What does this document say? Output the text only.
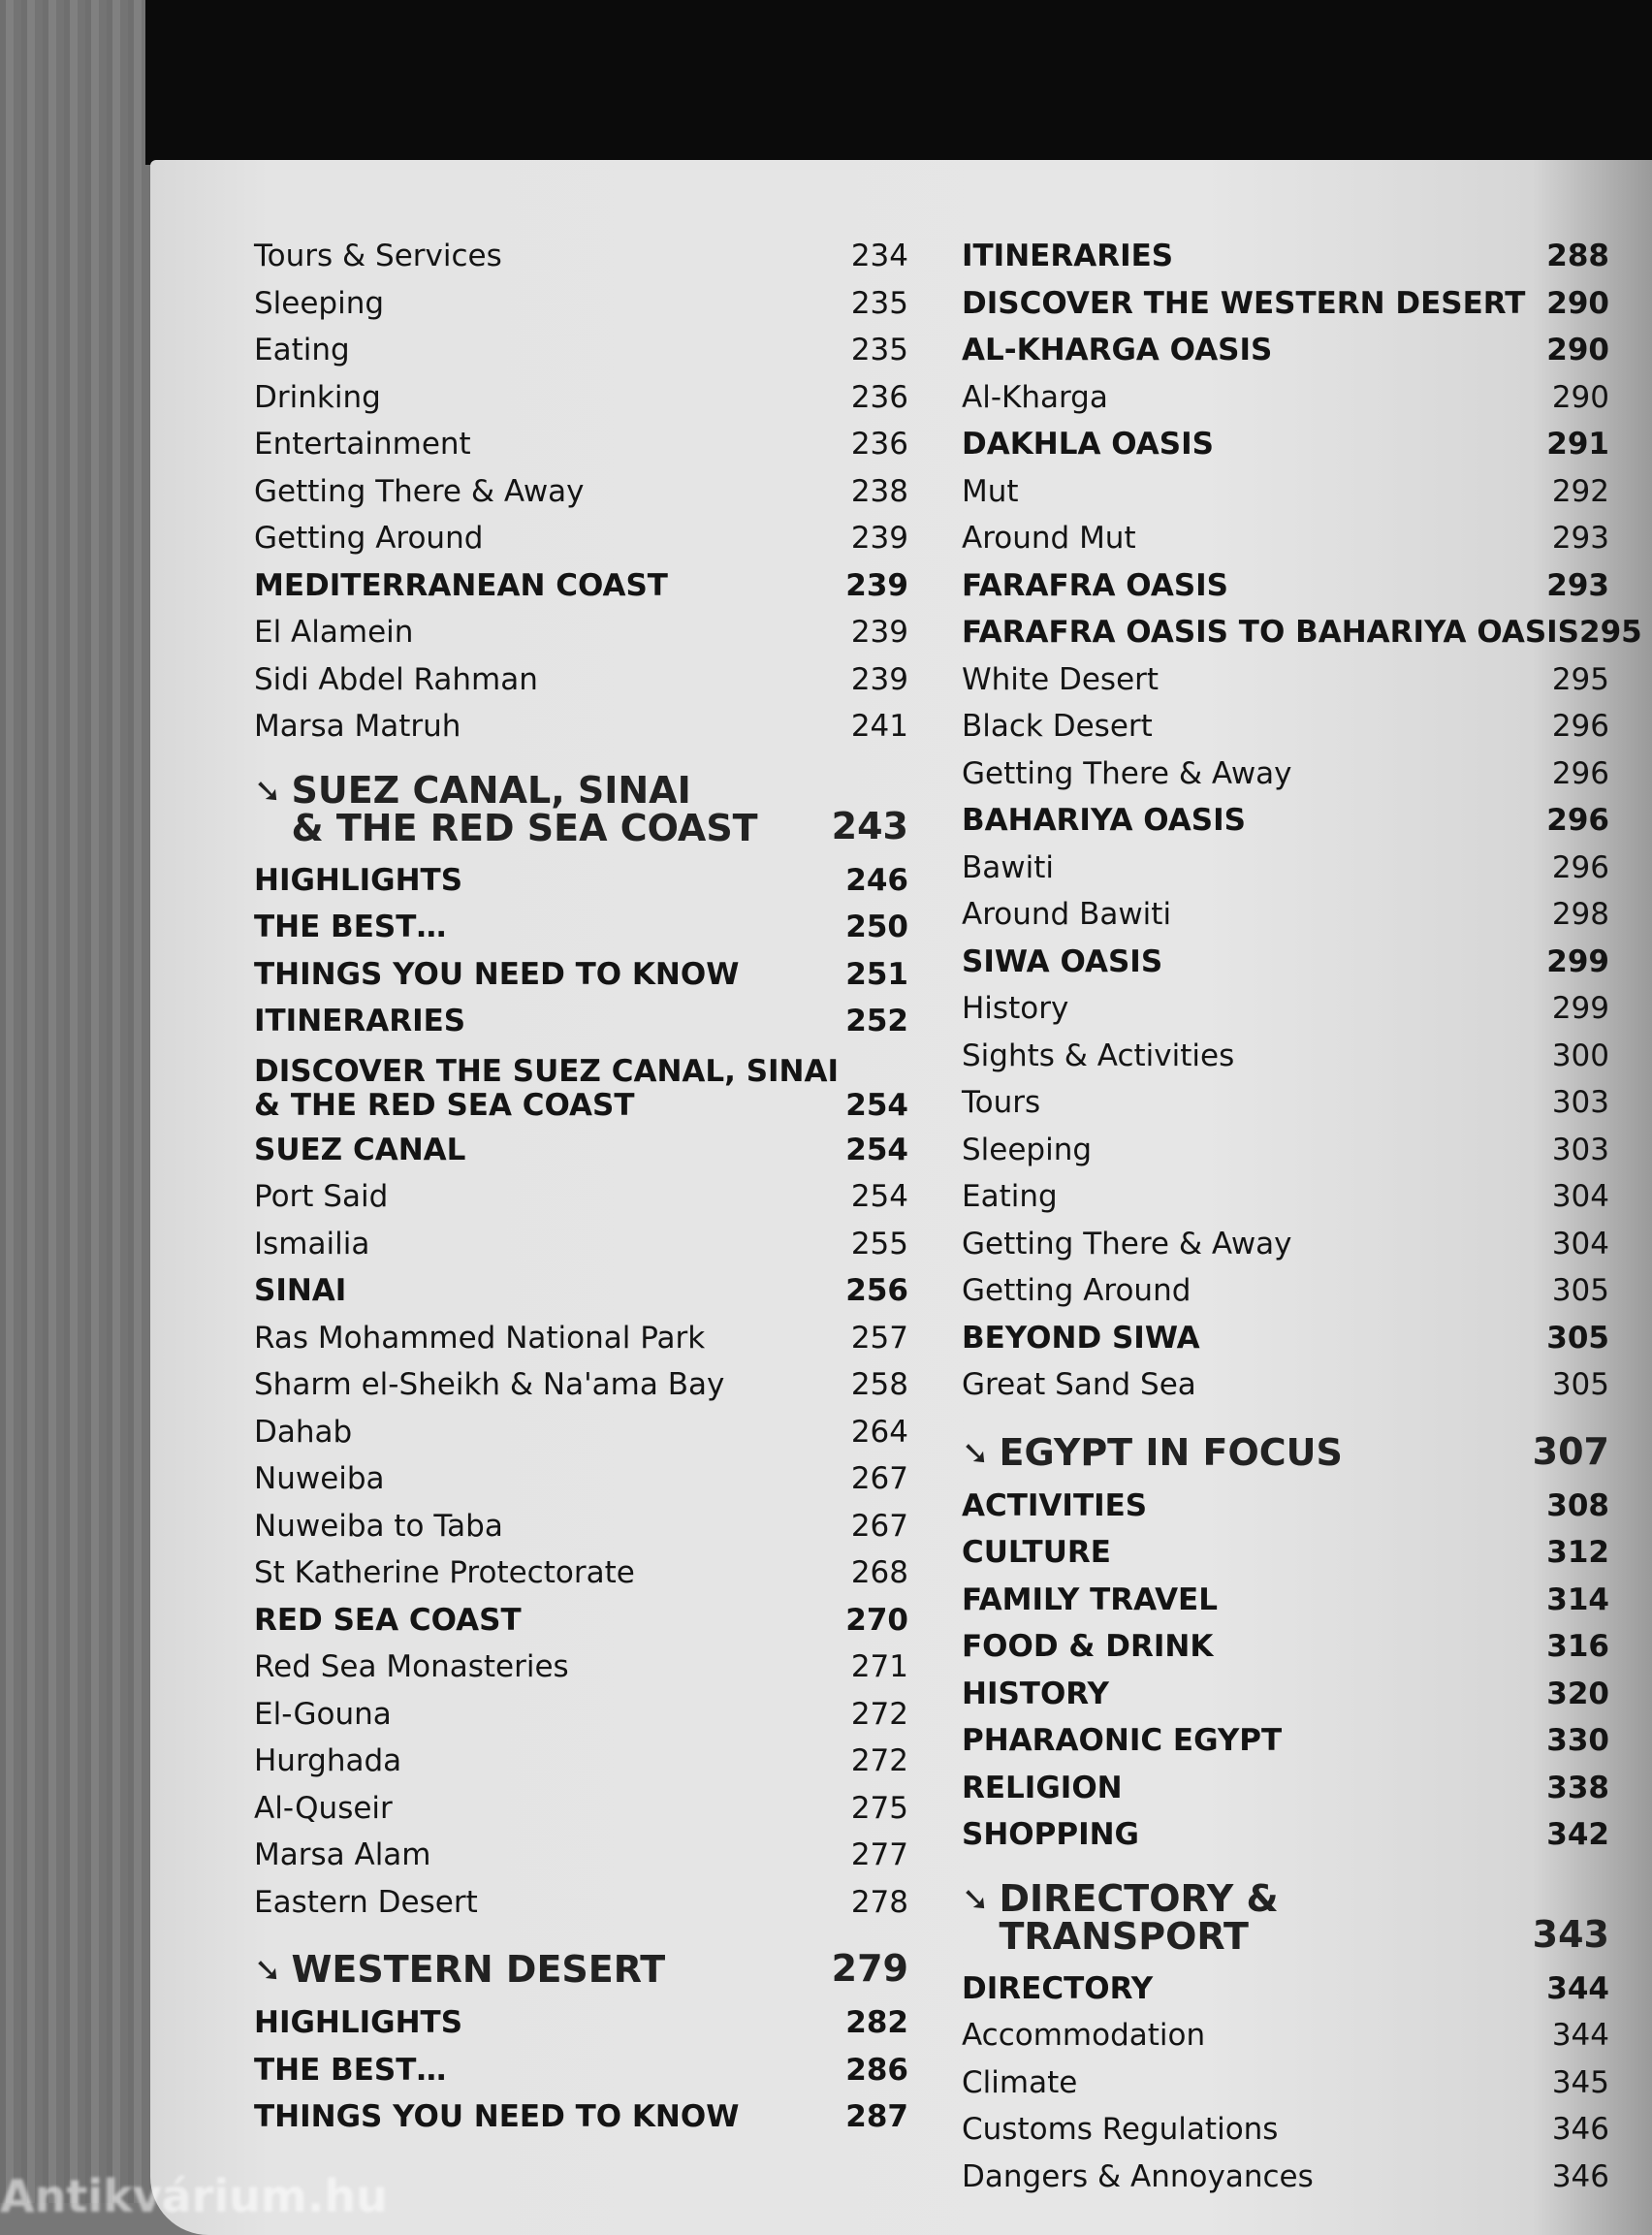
Tours & Services	234
Sleeping	235
Eating	235
Drinking	236
Entertainment	236
Getting There & Away	238
Getting Around	239
MEDITERRANEAN COAST	239
El Alamein	239
Sidi Abdel Rahman	239
Marsa Matruh	241
➘ SUEZ CANAL, SINAI
& THE RED SEA COAST 243
HIGHLIGHTS	246
THE BEST…	250
THINGS YOU NEED TO KNOW	251
ITINERARIES	252
DISCOVER THE SUEZ CANAL, SINAI
& THE RED SEA COAST	254
SUEZ CANAL	254
Port Said	254
Ismailia	255
SINAI	256
Ras Mohammed National Park	257
Sharm el-Sheikh & Na'ama Bay	258
Dahab	264
Nuweiba	267
Nuweiba to Taba	267
St Katherine Protectorate	268
RED SEA COAST	270
Red Sea Monasteries	271
El-Gouna	272
Hurghada	272
Al-Quseir	275
Marsa Alam	277
Eastern Desert	278
➘ WESTERN DESERT	279
HIGHLIGHTS	282
THE BEST…	286
THINGS YOU NEED TO KNOW	287
ITINERARIES	288
DISCOVER THE WESTERN DESERT 290
AL-KHARGA OASIS	290
Al-Kharga	290
DAKHLA OASIS	291
Mut	292
Around Mut	293
FARAFRA OASIS	293
FARAFRA OASIS TO BAHARIYA OASIS 295
White Desert	295
Black Desert	296
Getting There & Away	296
BAHARIYA OASIS	296
Bawiti	296
Around Bawiti	298
SIWA OASIS	299
History	299
Sights & Activities	300
Tours	303
Sleeping	303
Eating	304
Getting There & Away	304
Getting Around	305
BEYOND SIWA	305
Great Sand Sea	305
➘ EGYPT IN FOCUS	307
ACTIVITIES	308
CULTURE	312
FAMILY TRAVEL	314
FOOD & DRINK	316
HISTORY	320
PHARAONIC EGYPT	330
RELIGION	338
SHOPPING	342
➘ DIRECTORY & TRANSPORT	343
DIRECTORY	344
Accommodation	344
Climate	345
Customs Regulations	346
Dangers & Annoyances	346
Antikvárium.hu
